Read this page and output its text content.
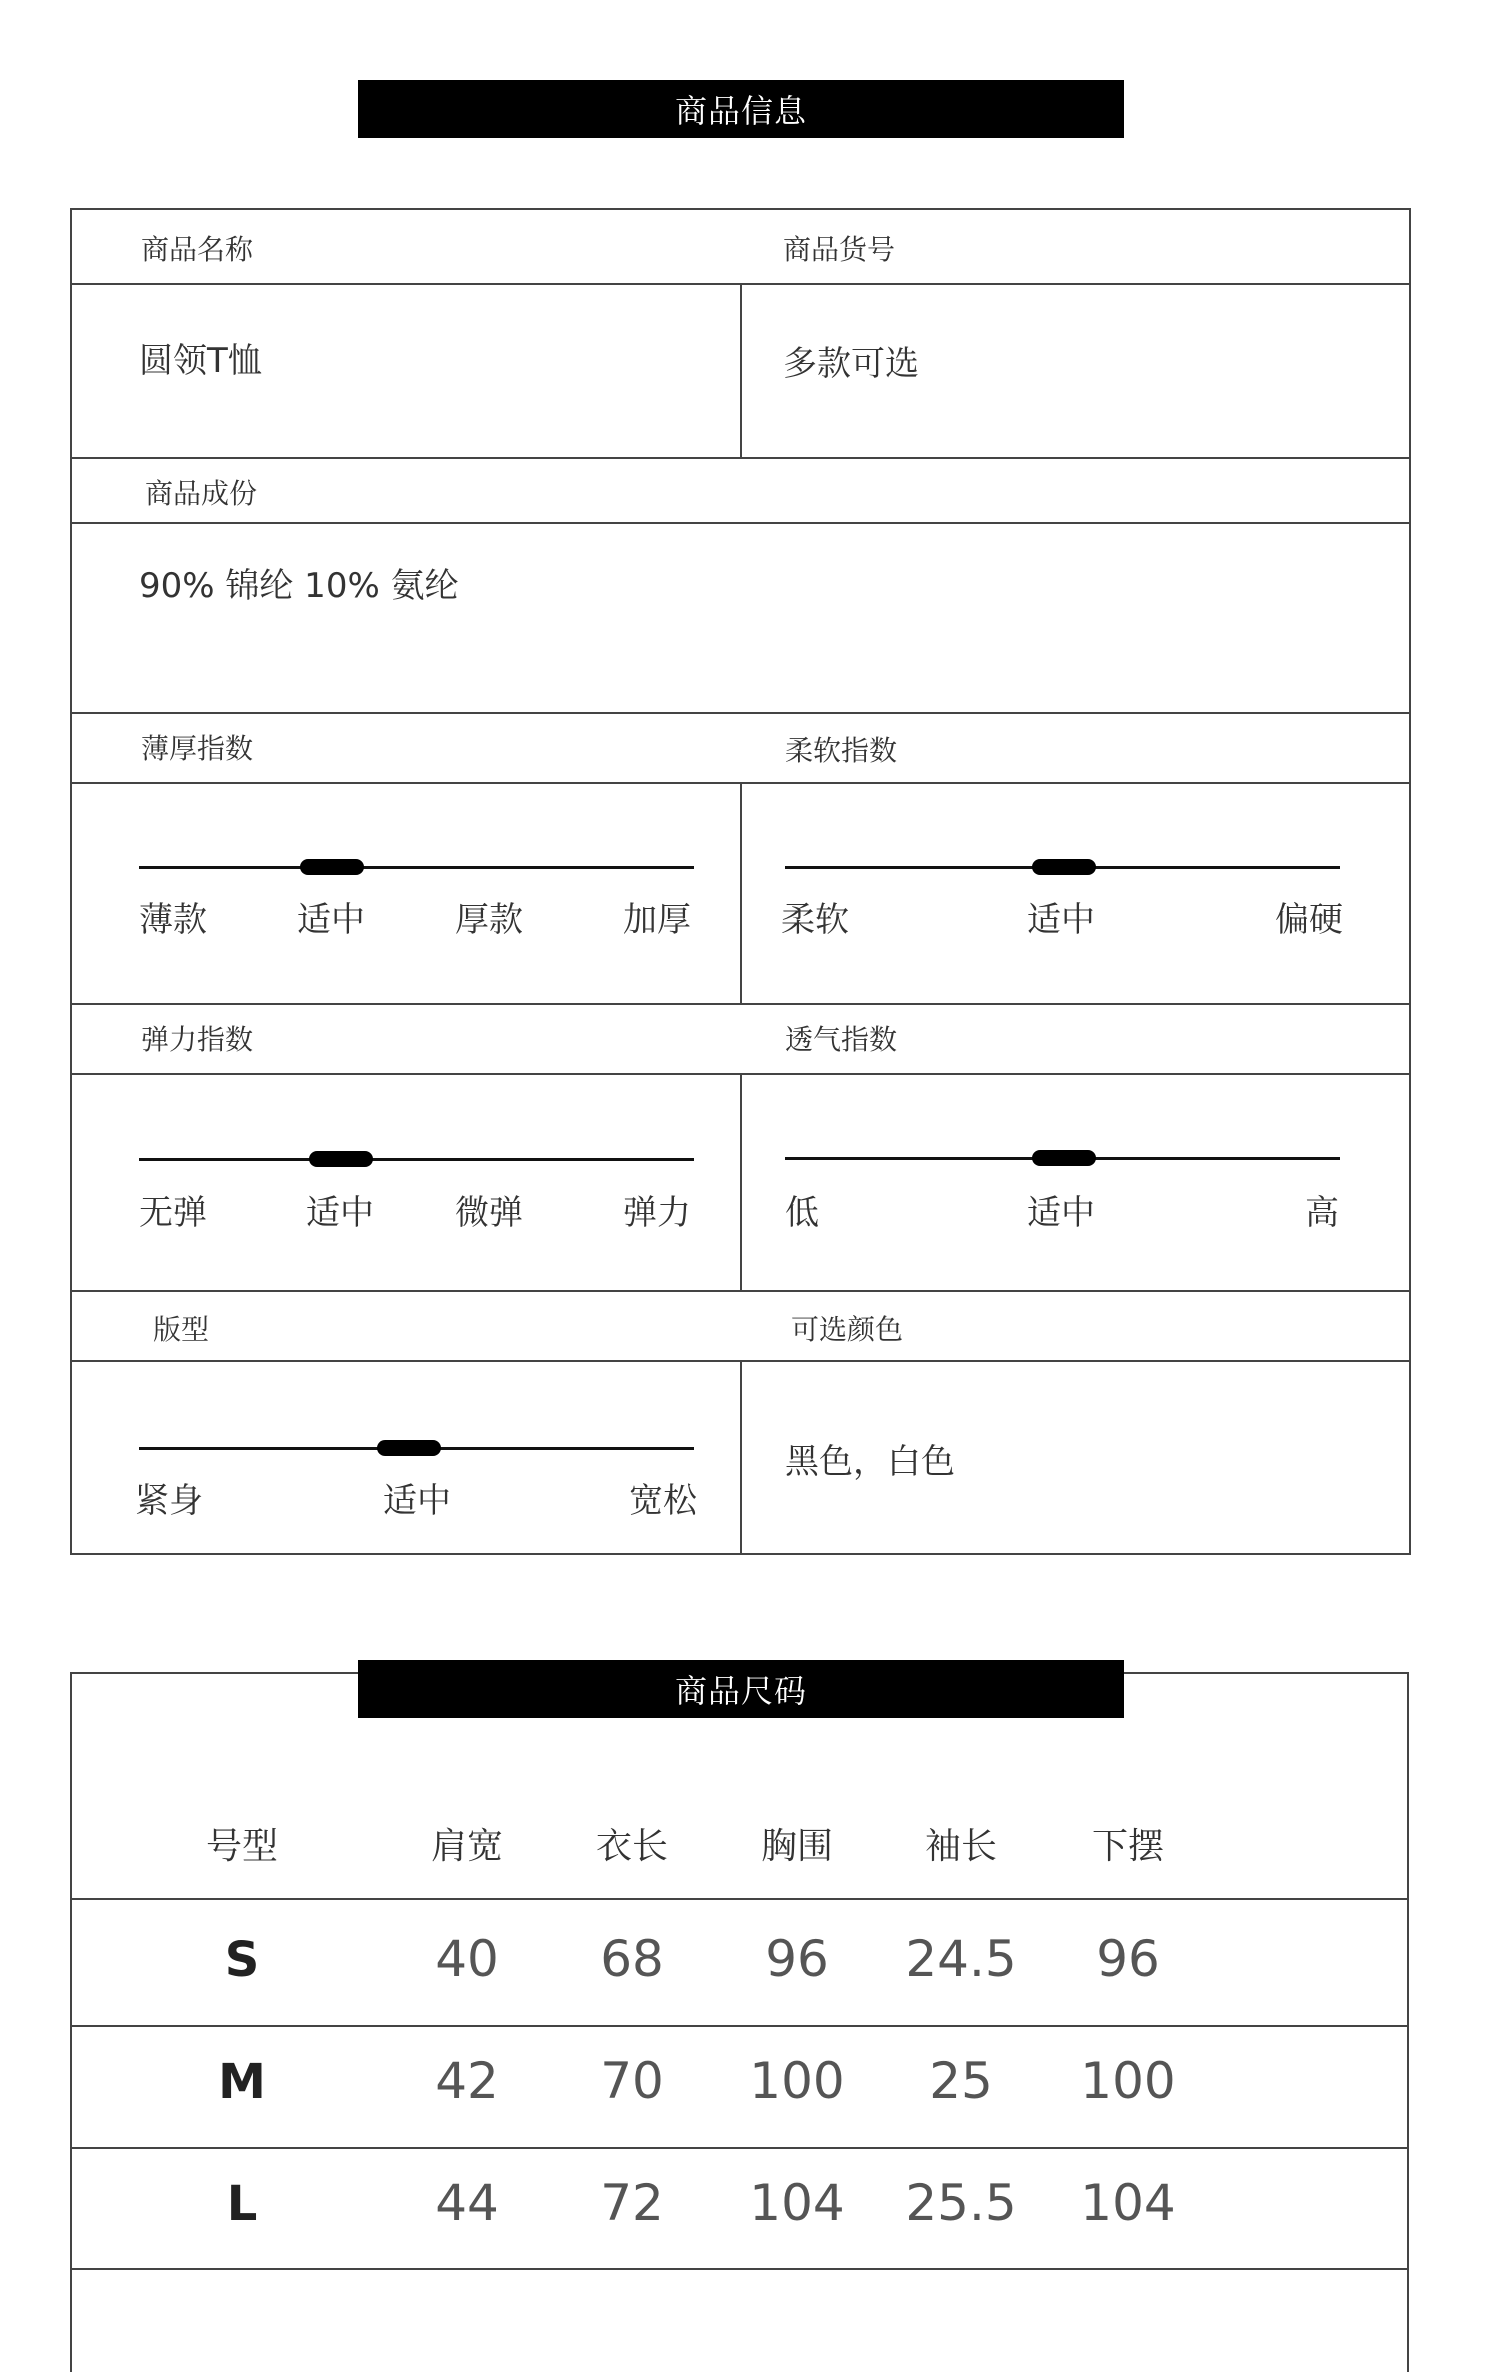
商品信息
商品名称	商品货号
圆领T恤	多款可选
商品成份
90% 锦纶 10% 氨纶
薄厚指数	柔软指数
薄款	适中	厚款	加厚	柔软	适中	偏硬
弹力指数	透气指数
无弹	适中 微弹	弹力	低	适中	高
版型	可选颜色
紧身	适中	宽松
黑色，白色
商品尺码
号型	肩宽	衣长	胸围	袖长	下摆
S	40 68 96 24.5 96
M	42 70 100 25 100
L	44 72 104 25.5 104
